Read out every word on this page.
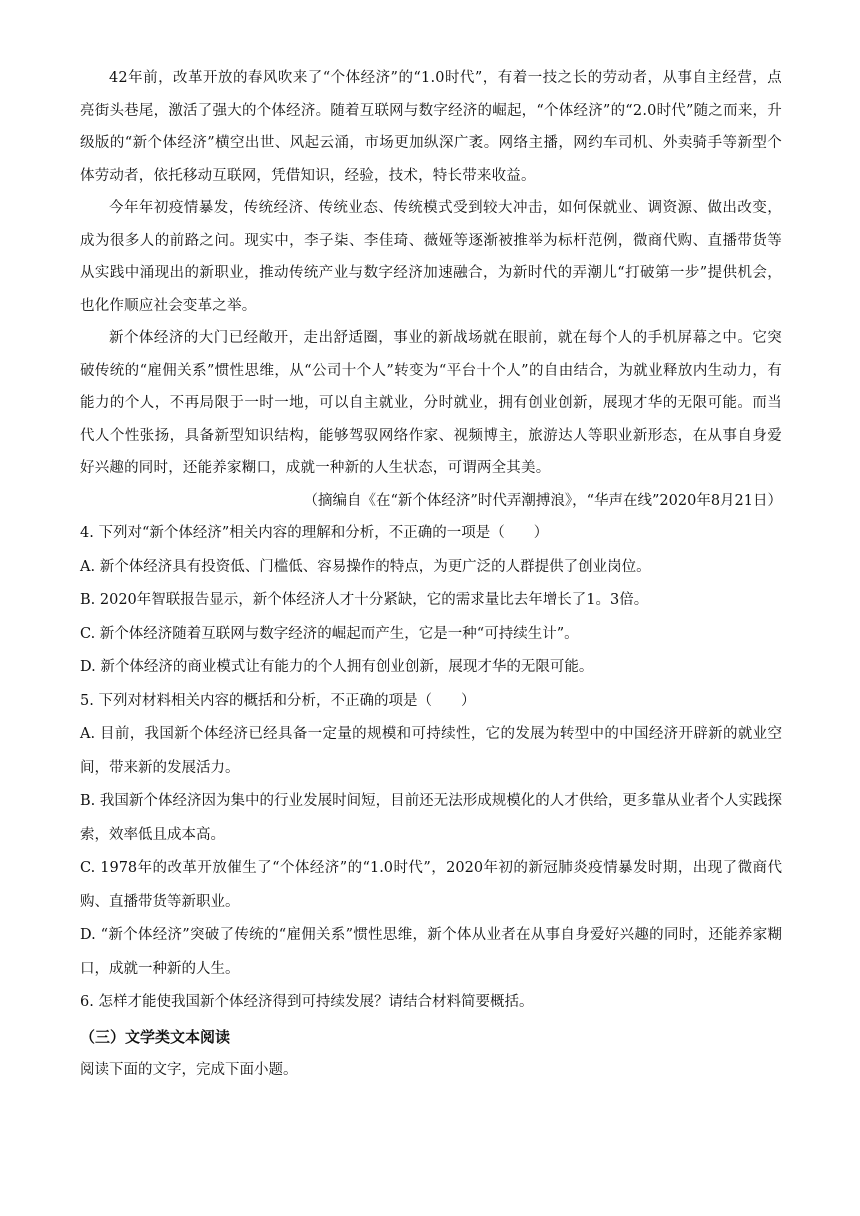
42年前，改革开放的春风吹来了“个体经济”的“1.0时代”，有着一技之长的劳动者，从事自主经营，点亮街头巷尾，激活了强大的个体经济。随着互联网与数字经济的崛起，“个体经济”的“2.0时代”随之而来，升级版的“新个体经济”横空出世、风起云涌，市场更加纵深广袤。网络主播，网约车司机、外卖骑手等新型个体劳动者，依托移动互联网，凭借知识，经验，技术，特长带来收益。

今年年初疫情暴发，传统经济、传统业态、传统模式受到较大冲击，如何保就业、调资源、做出改变，成为很多人的前路之问。现实中，李子柒、李佳琦、薇娅等逐渐被推举为标杆范例，微商代购、直播带货等从实践中涌现出的新职业，推动传统产业与数字经济加速融合，为新时代的弄潮儿“打破第一步”提供机会，也化作顺应社会变革之举。

新个体经济的大门已经敞开，走出舒适圈，事业的新战场就在眼前，就在每个人的手机屏幕之中。它突破传统的“雇佣关系”惯性思维，从“公司十个人”转变为“平台十个人”的自由结合，为就业释放内生动力，有能力的个人，不再局限于一时一地，可以自主就业，分时就业，拥有创业创新，展现才华的无限可能。而当代人个性张扬，具备新型知识结构，能够驾驭网络作家、视频博主，旅游达人等职业新形态，在从事自身爱好兴趣的同时，还能养家糊口，成就一种新的人生状态，可谓两全其美。

（摘编自《在“新个体经济”时代弄潮搏浪》，“华声在线”2020年8月21日）

4. 下列对“新个体经济”相关内容的理解和分析，不正确的一项是（　　）

A. 新个体经济具有投资低、门槛低、容易操作的特点，为更广泛的人群提供了创业岗位。

B. 2020年智联报告显示，新个体经济人才十分紧缺，它的需求量比去年增长了1。3倍。

C. 新个体经济随着互联网与数字经济的崛起而产生，它是一种“可持续生计”。

D. 新个体经济的商业模式让有能力的个人拥有创业创新，展现才华的无限可能。

5. 下列对材料相关内容的概括和分析，不正确的项是（　　）

A. 目前，我国新个体经济已经具备一定量的规模和可持续性，它的发展为转型中的中国经济开辟新的就业空间，带来新的发展活力。

B. 我国新个体经济因为集中的行业发展时间短，目前还无法形成规模化的人才供给，更多靠从业者个人实践探索，效率低且成本高。

C. 1978年的改革开放催生了“个体经济”的“1.0时代”，2020年初的新冠肺炎疫情暴发时期，出现了微商代购、直播带货等新职业。

D. “新个体经济”突破了传统的“雇佣关系”惯性思维，新个体从业者在从事自身爱好兴趣的同时，还能养家糊口，成就一种新的人生。

6. 怎样才能使我国新个体经济得到可持续发展？请结合材料简要概括。

（三）文学类文本阅读

阅读下面的文字，完成下面小题。
